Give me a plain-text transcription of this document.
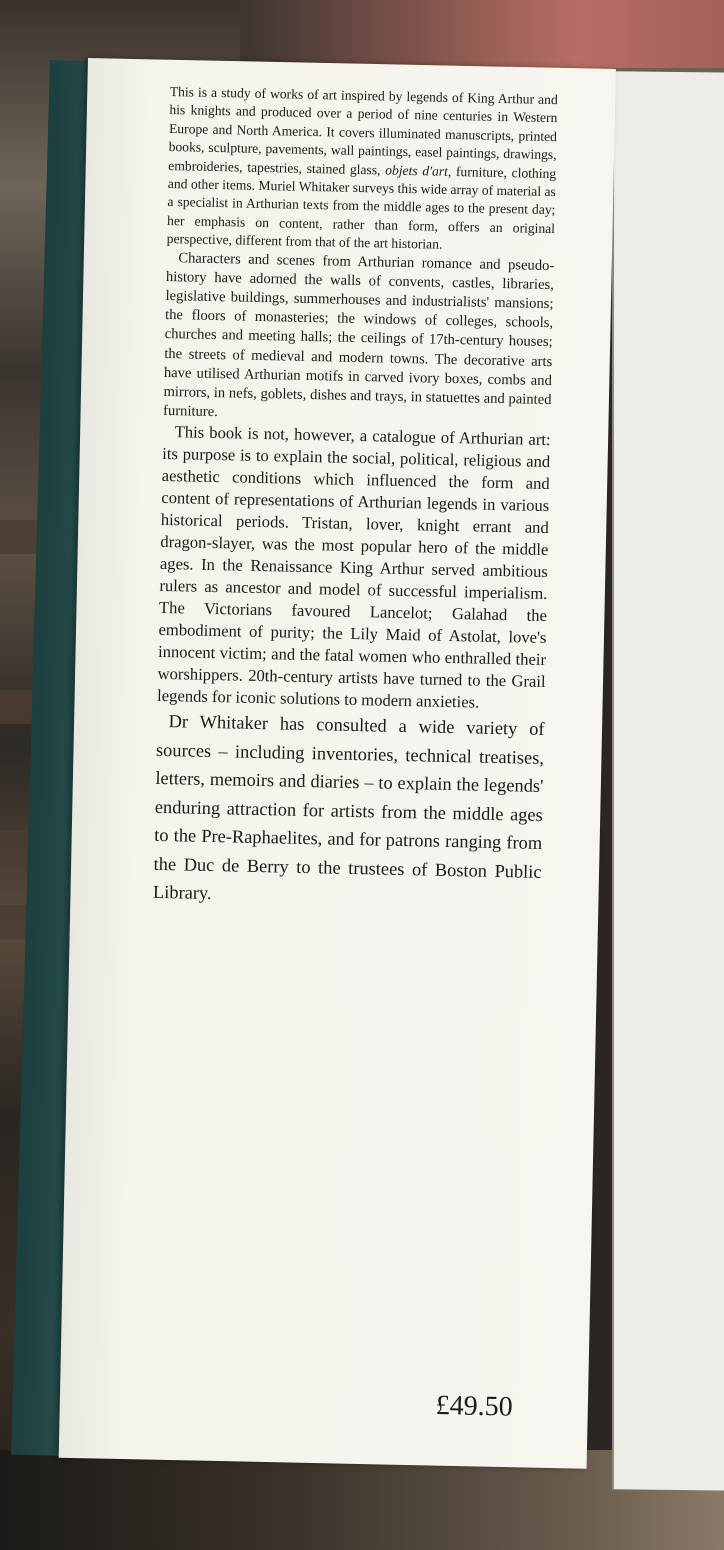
This is a study of works of art inspired by legends of King Arthur and his knights and produced over a period of nine centuries in Western Europe and North America. It covers illuminated manuscripts, printed books, sculpture, pavements, wall paintings, easel paintings, drawings, embroideries, tapestries, stained glass, objets d'art, furniture, clothing and other items. Muriel Whitaker surveys this wide array of material as a specialist in Arthurian texts from the middle ages to the present day; her emphasis on content, rather than form, offers an original perspective, different from that of the art historian.

Characters and scenes from Arthurian romance and pseudo-history have adorned the walls of convents, castles, libraries, legislative buildings, summerhouses and industrialists' mansions; the floors of monasteries; the windows of colleges, schools, churches and meeting halls; the ceilings of 17th-century houses; the streets of medieval and modern towns. The decorative arts have utilised Arthurian motifs in carved ivory boxes, combs and mirrors, in nefs, goblets, dishes and trays, in statuettes and painted furniture.

This book is not, however, a catalogue of Arthurian art: its purpose is to explain the social, political, religious and aesthetic conditions which influenced the form and content of representations of Arthurian legends in various historical periods. Tristan, lover, knight errant and dragon-slayer, was the most popular hero of the middle ages. In the Renaissance King Arthur served ambitious rulers as ancestor and model of successful imperialism. The Victorians favoured Lancelot; Galahad the embodiment of purity; the Lily Maid of Astolat, love's innocent victim; and the fatal women who enthralled their worshippers. 20th-century artists have turned to the Grail legends for iconic solutions to modern anxieties.

Dr Whitaker has consulted a wide variety of sources – including inventories, technical treatises, letters, memoirs and diaries – to explain the legends' enduring attraction for artists from the middle ages to the Pre-Raphaelites, and for patrons ranging from the Duc de Berry to the trustees of Boston Public Library.

£49.50
